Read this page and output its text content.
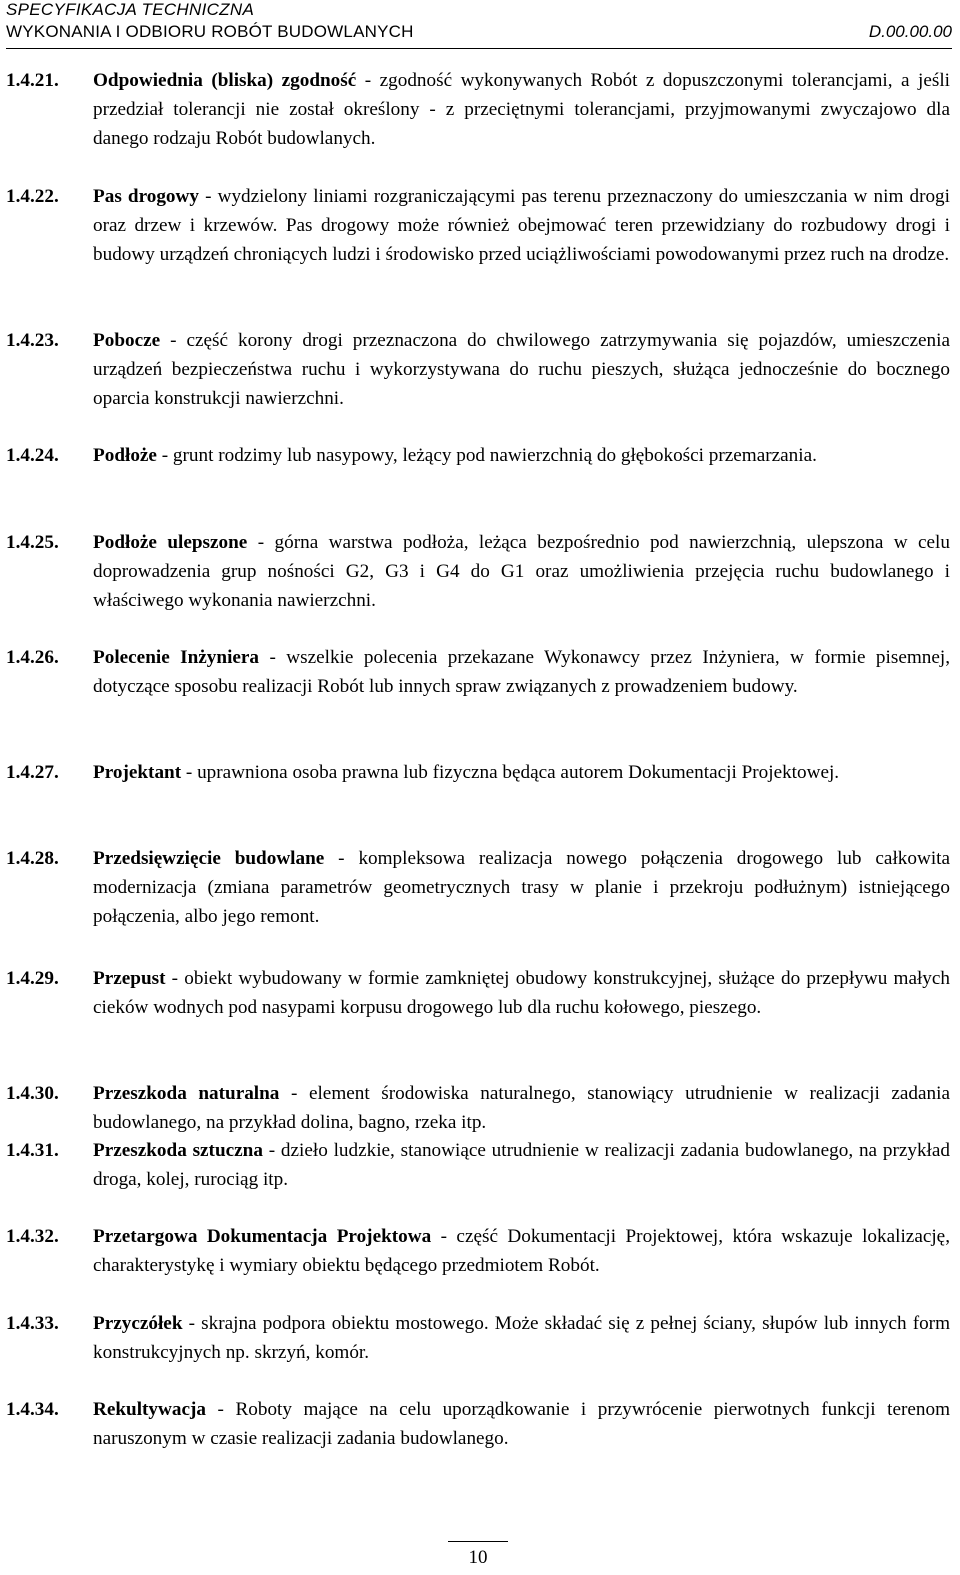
SPECYFIKACJA TECHNICZNA
WYKONANIA I ODBIORU ROBÓT BUDOWLANYCH	D.00.00.00
1.4.21. Odpowiednia (bliska) zgodność - zgodność wykonywanych Robót z dopuszczonymi tolerancjami, a jeśli przedział tolerancji nie został określony - z przeciętnymi tolerancjami, przyjmowanymi zwyczajowo dla danego rodzaju Robót budowlanych.
1.4.22. Pas drogowy - wydzielony liniami rozgraniczającymi pas terenu przeznaczony do umieszczania w nim drogi oraz drzew i krzewów. Pas drogowy może również obejmować teren przewidziany do rozbudowy drogi i budowy urządzeń chroniących ludzi i środowisko przed uciążliwościami powodowanymi przez ruch na drodze.
1.4.23. Pobocze - część korony drogi przeznaczona do chwilowego zatrzymywania się pojazdów, umieszczenia urządzeń bezpieczeństwa ruchu i wykorzystywana do ruchu pieszych, służąca jednocześnie do bocznego oparcia konstrukcji nawierzchni.
1.4.24. Podłoże - grunt rodzimy lub nasypowy, leżący pod nawierzchnią do głębokości przemarzania.
1.4.25. Podłoże ulepszone - górna warstwa podłoża, leżąca bezpośrednio pod nawierzchnią, ulepszona w celu doprowadzenia grup nośności G2, G3 i G4 do G1 oraz umożliwienia przejęcia ruchu budowlanego i właściwego wykonania nawierzchni.
1.4.26. Polecenie Inżyniera - wszelkie polecenia przekazane Wykonawcy przez Inżyniera, w formie pisemnej, dotyczące sposobu realizacji Robót lub innych spraw związanych z prowadzeniem budowy.
1.4.27. Projektant - uprawniona osoba prawna lub fizyczna będąca autorem Dokumentacji Projektowej.
1.4.28. Przedsięwzięcie budowlane - kompleksowa realizacja nowego połączenia drogowego lub całkowita modernizacja (zmiana parametrów geometrycznych trasy w planie i przekroju podłużnym) istniejącego połączenia, albo jego remont.
1.4.29. Przepust - obiekt wybudowany w formie zamkniętej obudowy konstrukcyjnej, służące do przepływu małych cieków wodnych pod nasypami korpusu drogowego lub dla ruchu kołowego, pieszego.
1.4.30. Przeszkoda naturalna - element środowiska naturalnego, stanowiący utrudnienie w realizacji zadania budowlanego, na przykład dolina, bagno, rzeka itp.
1.4.31. Przeszkoda sztuczna - dzieło ludzkie, stanowiące utrudnienie w realizacji zadania budowlanego, na przykład droga, kolej, rurociąg itp.
1.4.32. Przetargowa Dokumentacja Projektowa - część Dokumentacji Projektowej, która wskazuje lokalizację, charakterystykę i wymiary obiektu będącego przedmiotem Robót.
1.4.33. Przyczółek - skrajna podpora obiektu mostowego. Może składać się z pełnej ściany, słupów lub innych form konstrukcyjnych np. skrzyń, komór.
1.4.34. Rekultywacja - Roboty mające na celu uporządkowanie i przywrócenie pierwotnych funkcji terenom naruszonym w czasie realizacji zadania budowlanego.
10
